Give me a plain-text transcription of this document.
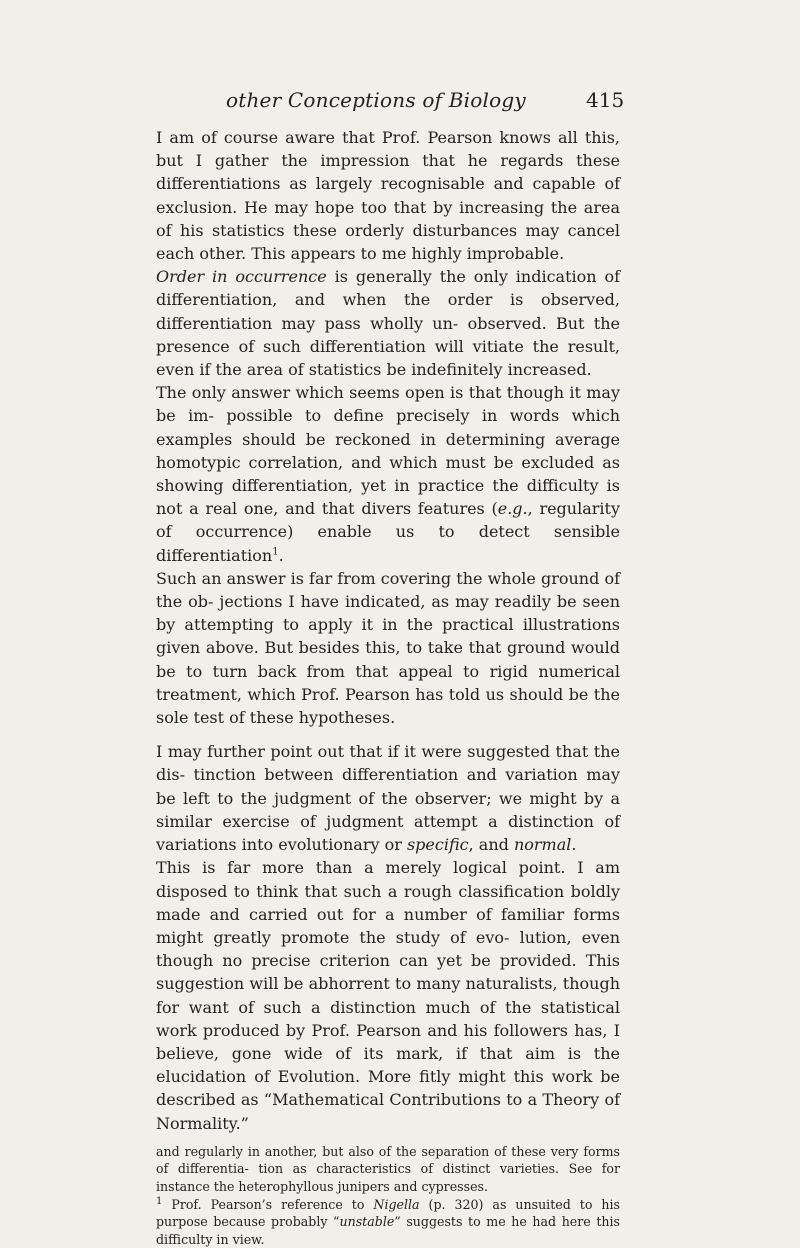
other Conceptions of Biology	415

I am of course aware that Prof. Pearson knows all this, but I gather the impression that he regards these differentiations as largely recognisable and capable of exclusion. He may hope too that by increasing the area of his statistics these orderly disturbances may cancel each other. This appears to me highly improbable.

Order in occurrence is generally the only indication of differentiation, and when the order is observed, differentiation may pass wholly un- observed. But the presence of such differentiation will vitiate the result, even if the area of statistics be indefinitely increased.

The only answer which seems open is that though it may be im- possible to define precisely in words which examples should be reckoned in determining average homotypic correlation, and which must be excluded as showing differentiation, yet in practice the difficulty is not a real one, and that divers features (e.g., regularity of occurrence) enable us to detect sensible differentiation$^1$.

Such an answer is far from covering the whole ground of the ob- jections I have indicated, as may readily be seen by attempting to apply it in the practical illustrations given above. But besides this, to take that ground would be to turn back from that appeal to rigid numerical treatment, which Prof. Pearson has told us should be the sole test of these hypotheses.

I may further point out that if it were suggested that the dis- tinction between differentiation and variation may be left to the judgment of the observer; we might by a similar exercise of judgment attempt a distinction of variations into evolutionary or specific, and normal.

This is far more than a merely logical point. I am disposed to think that such a rough classification boldly made and carried out for a number of familiar forms might greatly promote the study of evo- lution, even though no precise criterion can yet be provided. This suggestion will be abhorrent to many naturalists, though for want of such a distinction much of the statistical work produced by Prof. Pearson and his followers has, I believe, gone wide of its mark, if that aim is the elucidation of Evolution. More fitly might this work be described as “Mathematical Contributions to a Theory of Normality.”

and regularly in another, but also of the separation of these very forms of differentia- tion as characteristics of distinct varieties. See for instance the heterophyllous junipers and cypresses.

$^1$ Prof. Pearson’s reference to Nigella (p. 320) as unsuited to his purpose because probably “unstable” suggests to me he had here this difficulty in view.
